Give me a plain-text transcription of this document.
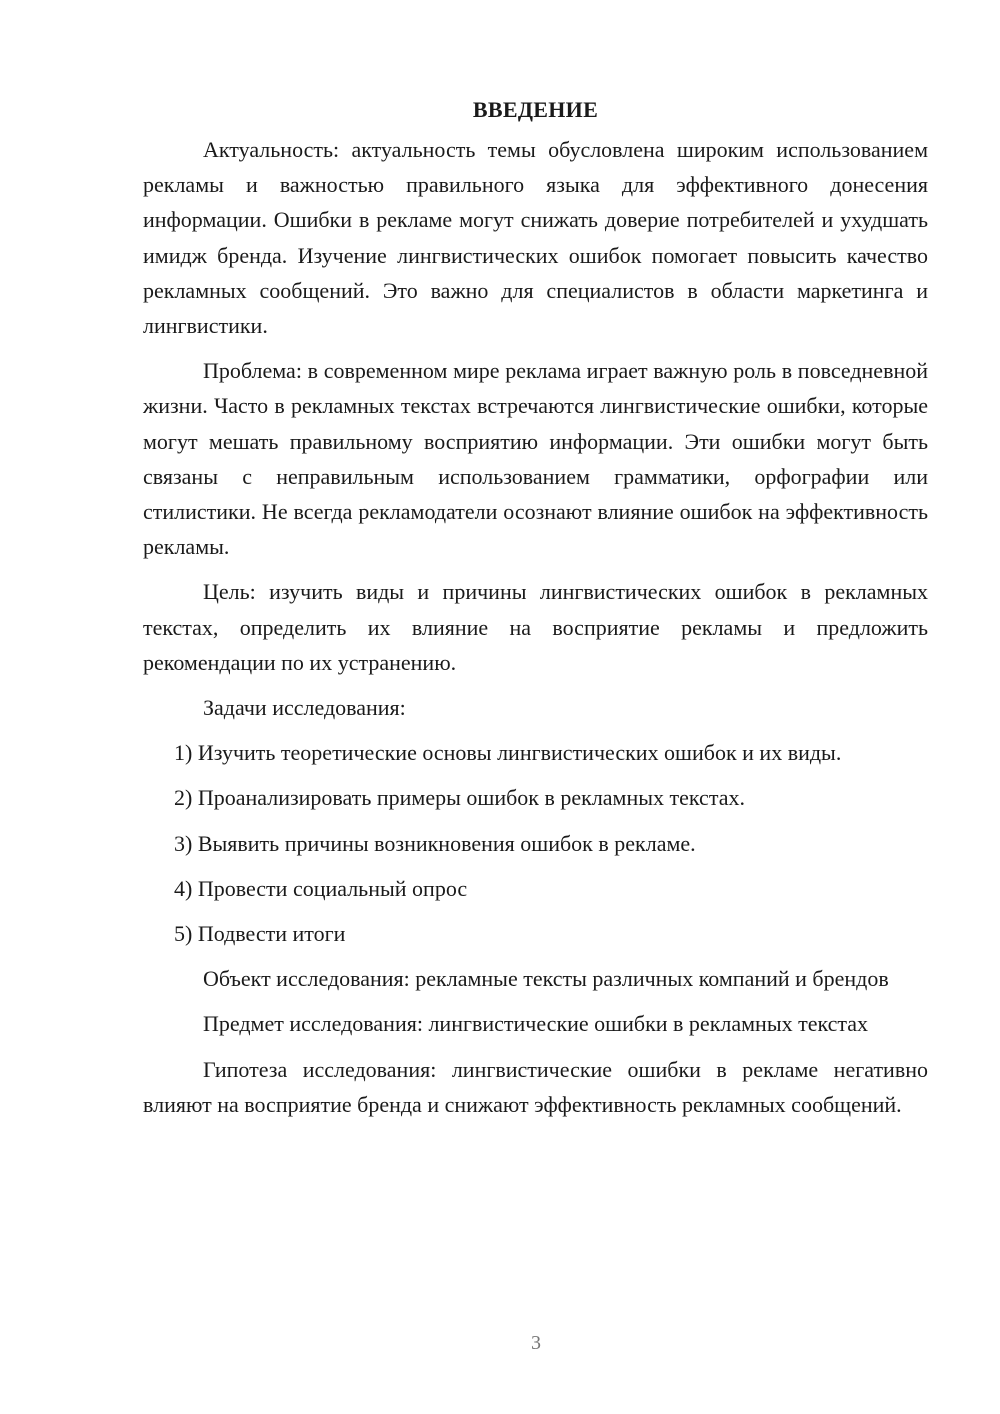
ВВЕДЕНИЕ

Актуальность: актуальность темы обусловлена широким использованием рекламы и важностью правильного языка для эффективного донесения информации. Ошибки в рекламе могут снижать доверие потребителей и ухудшать имидж бренда. Изучение лингвистических ошибок помогает повысить качество рекламных сообщений. Это важно для специалистов в области маркетинга и лингвистики.

Проблема: в современном мире реклама играет важную роль в повседневной жизни. Часто в рекламных текстах встречаются лингвистические ошибки, которые могут мешать правильному восприятию информации. Эти ошибки могут быть связаны с неправильным использованием грамматики, орфографии или стилистики. Не всегда рекламодатели осознают влияние ошибок на эффективность рекламы.

Цель: изучить виды и причины лингвистических ошибок в рекламных текстах, определить их влияние на восприятие рекламы и предложить рекомендации по их устранению.

Задачи исследования:

1) Изучить теоретические основы лингвистических ошибок и их виды.
2) Проанализировать примеры ошибок в рекламных текстах.
3) Выявить причины возникновения ошибок в рекламе.
4) Провести социальный опрос
5) Подвести итоги

Объект исследования: рекламные тексты различных компаний и брендов

Предмет исследования: лингвистические ошибки в рекламных текстах

Гипотеза исследования: лингвистические ошибки в рекламе негативно влияют на восприятие бренда и снижают эффективность рекламных сообщений.

3
